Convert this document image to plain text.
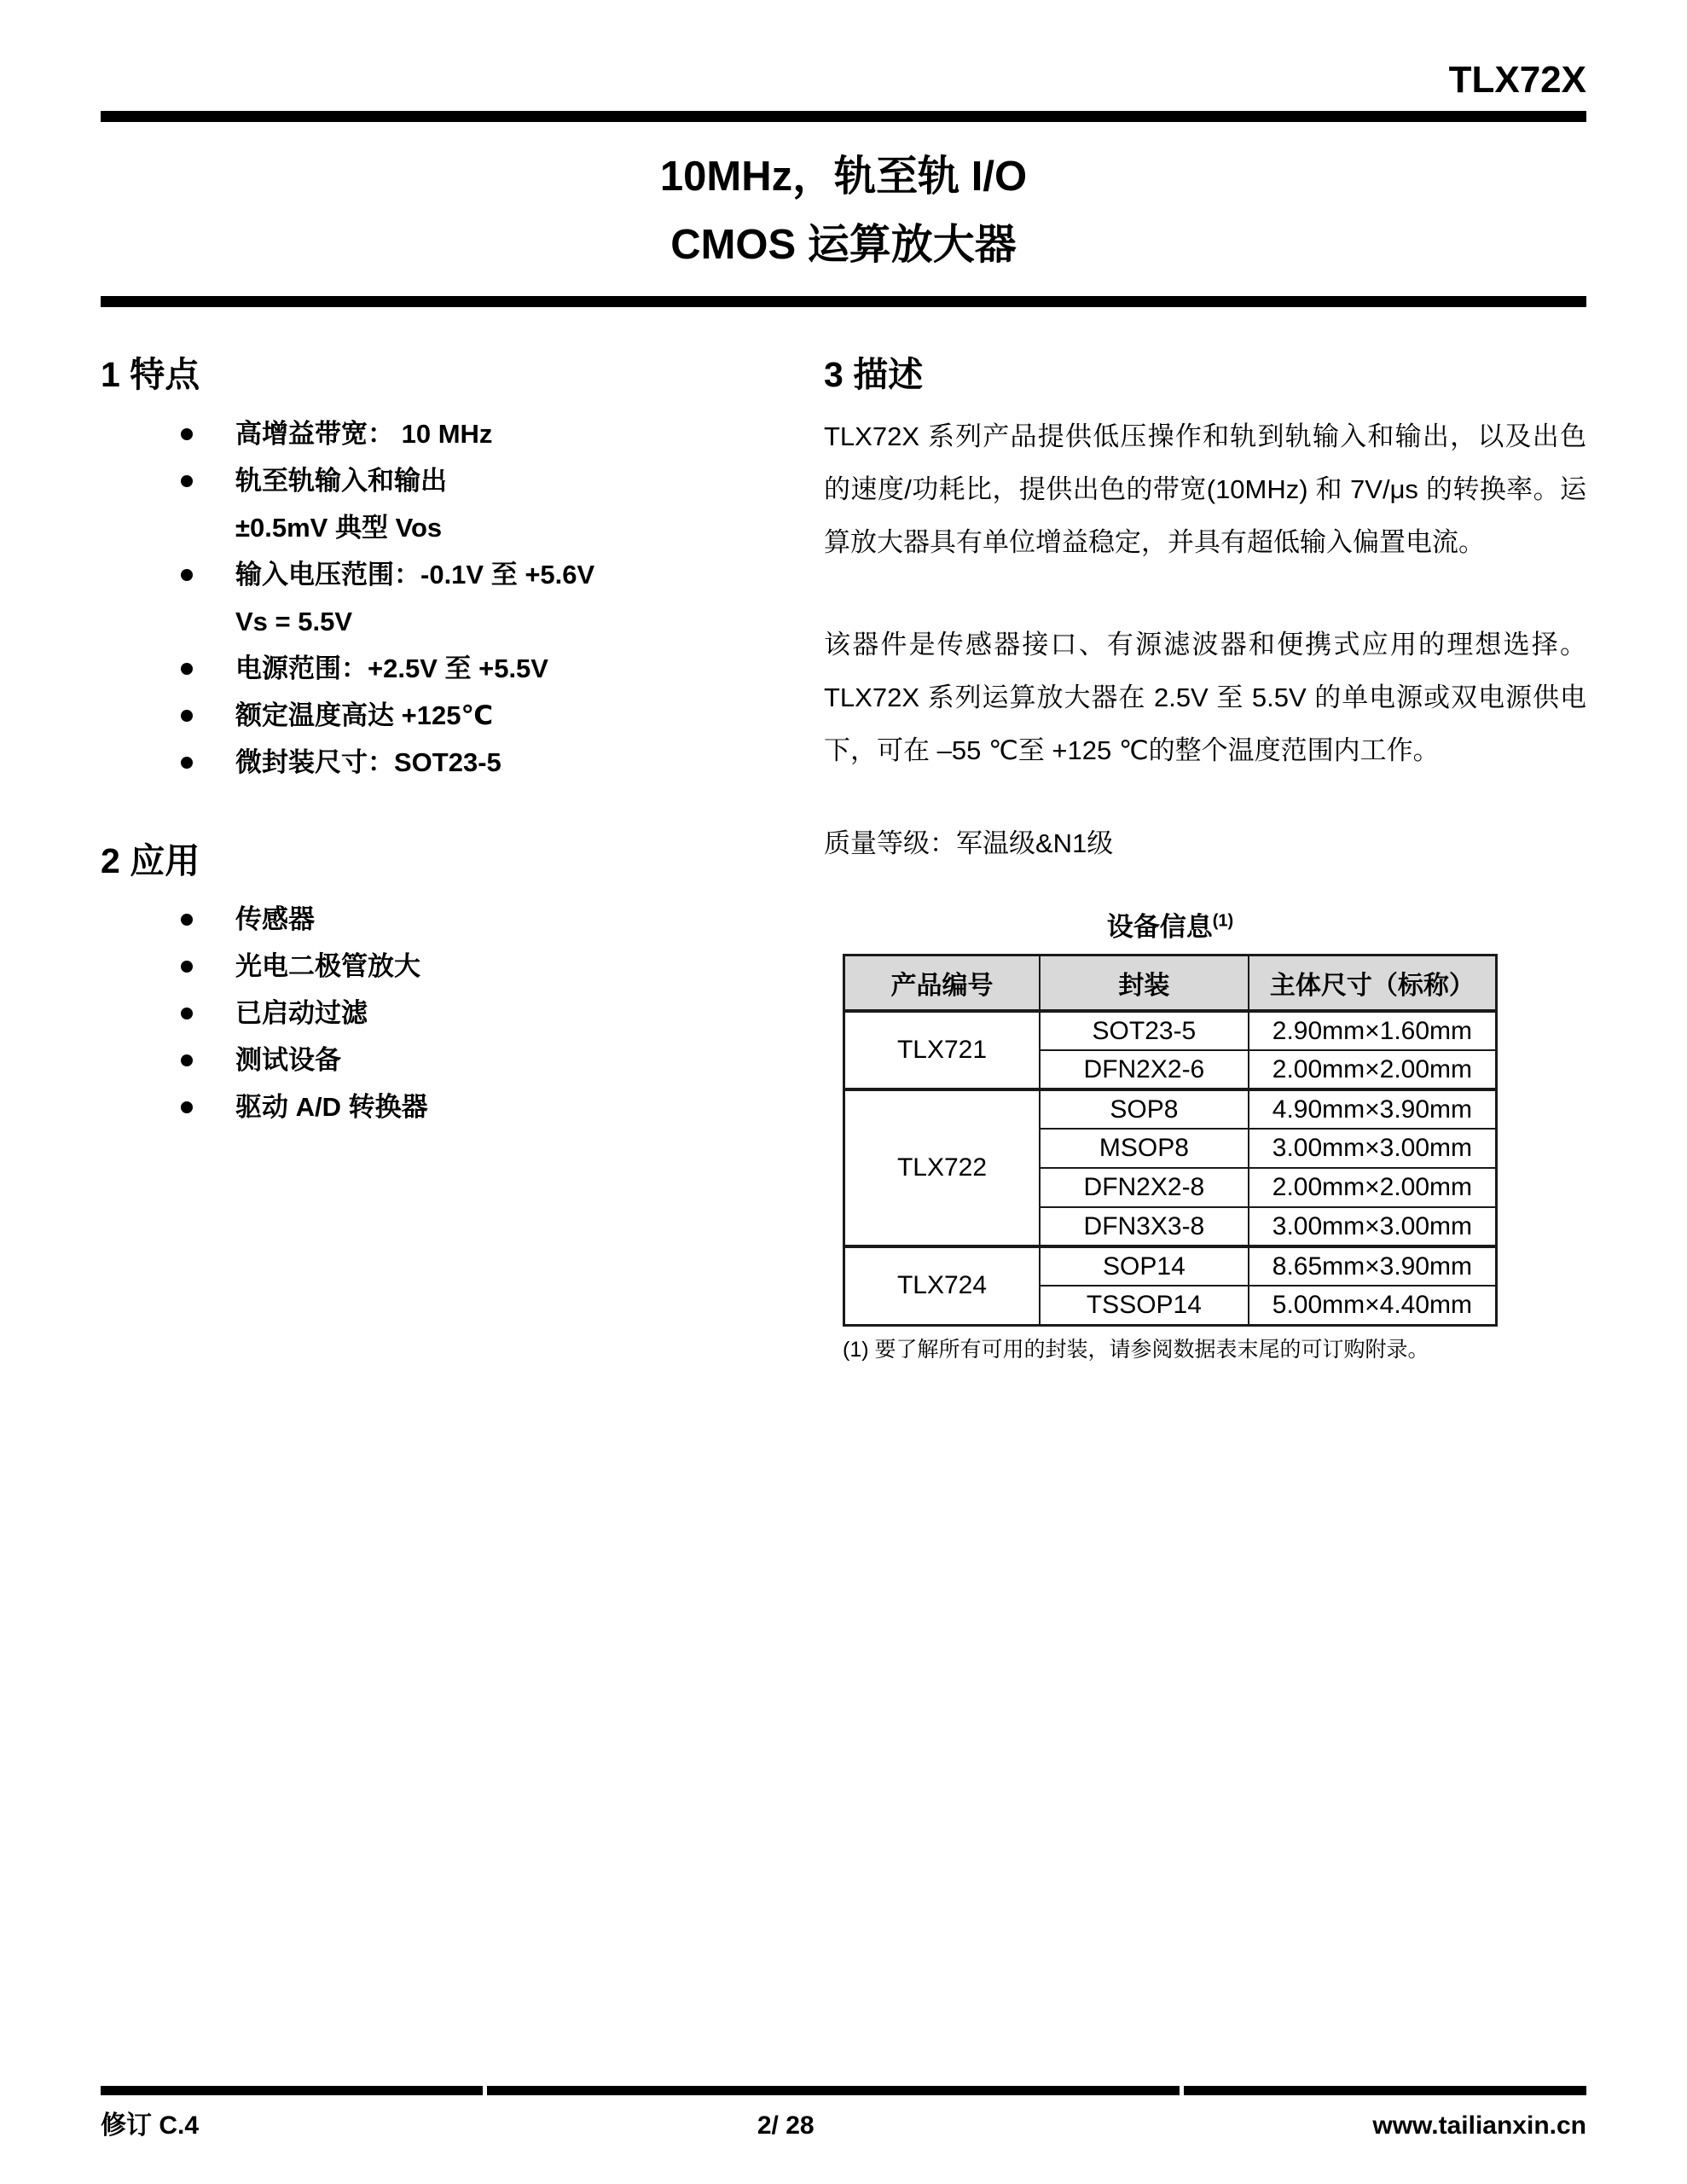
TLX72X
10MHz，轨至轨 I/O
CMOS 运算放大器
1 特点
高增益带宽： 10 MHz
轨至轨输入和输出
±0.5mV 典型 Vos
输入电压范围：-0.1V 至 +5.6V
Vs = 5.5V
电源范围：+2.5V 至 +5.5V
额定温度高达 +125℃
微封装尺寸：SOT23-5
2 应用
传感器
光电二极管放大
已启动过滤
测试设备
驱动 A/D 转换器
3 描述

TLX72X 系列产品提供低压操作和轨到轨输入和输出，以及出色的速度/功耗比，提供出色的带宽(10MHz) 和 7V/μs 的转换率。运算放大器具有单位增益稳定，并具有超低输入偏置电流。

该器件是传感器接口、有源滤波器和便携式应用的理想选择。TLX72X 系列运算放大器在 2.5V 至 5.5V 的单电源或双电源供电下，可在 –55 ℃至 +125 ℃的整个温度范围内工作。

质量等级：军温级&N1级

设备信息$^{(1)}$
产品编号	封装	主体尺寸（标称）
TLX721	SOT23-5	2.90mm×1.60mm
	DFN2X2-6	2.00mm×2.00mm
TLX722	SOP8	4.90mm×3.90mm
	MSOP8	3.00mm×3.00mm
	DFN2X2-8	2.00mm×2.00mm
	DFN3X3-8	3.00mm×3.00mm
TLX724	SOP14	8.65mm×3.90mm
	TSSOP14	5.00mm×4.40mm
(1) 要了解所有可用的封装，请参阅数据表末尾的可订购附录。
修订 C.4	2/ 28	www.tailianxin.cn
